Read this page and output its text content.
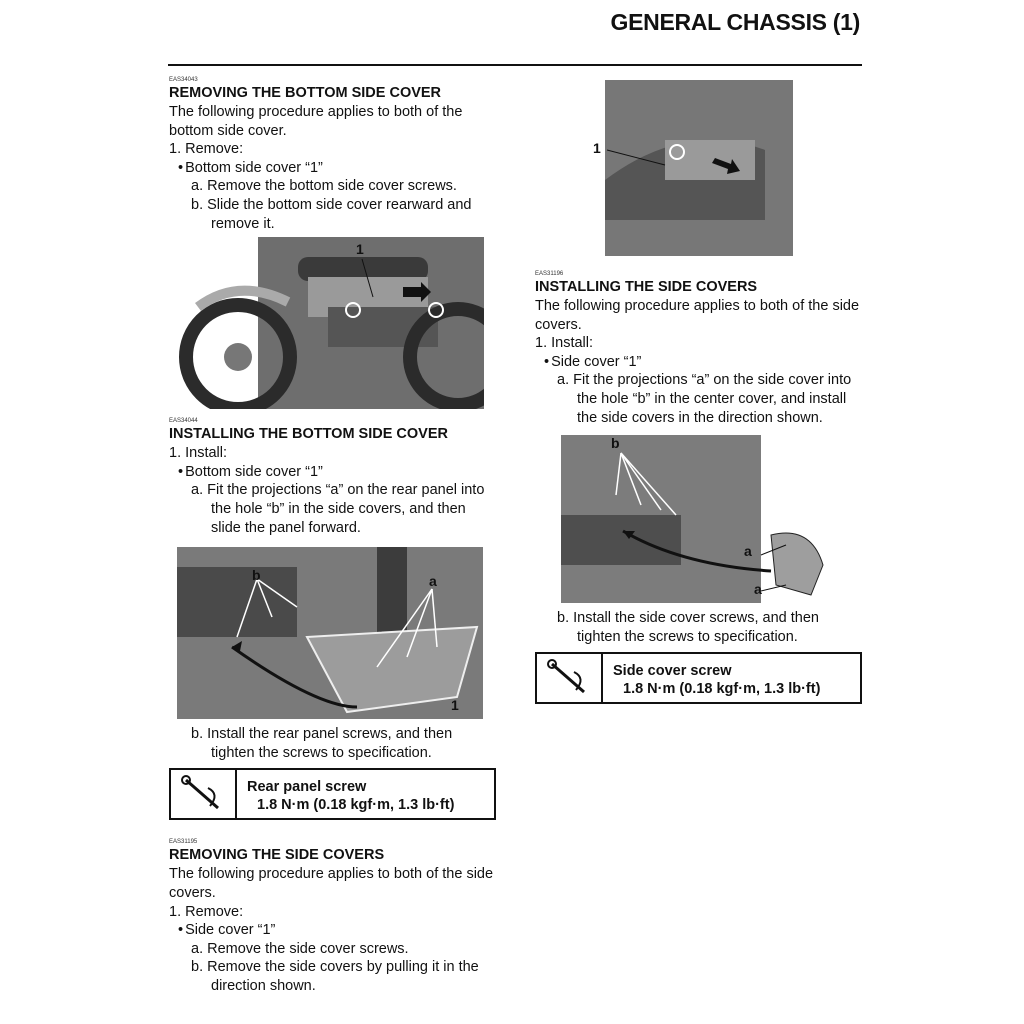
GENERAL CHASSIS (1)

EAS34043

REMOVING THE BOTTOM SIDE COVER

The following procedure applies to both of the bottom side cover.

1. Remove:

• Bottom side cover “1”

a. Remove the bottom side cover screws.

b. Slide the bottom side cover rearward and remove it.

1

EAS34044

INSTALLING THE BOTTOM SIDE COVER

1. Install:

• Bottom side cover “1”

a. Fit the projections “a” on the rear panel into the hole “b” in the side covers, and then slide the panel forward.

b	a
1

b. Install the rear panel screws, and then tighten the screws to specification.

Rear panel screw
1.8 N·m (0.18 kgf·m, 1.3 lb·ft)

EAS31195

REMOVING THE SIDE COVERS

The following procedure applies to both of the side covers.

1. Remove:

• Side cover “1”

a. Remove the side cover screws.

b. Remove the side covers by pulling it in the direction shown.

1

EAS31196

INSTALLING THE SIDE COVERS

The following procedure applies to both of the side covers.

1. Install:

• Side cover “1”

a. Fit the projections “a” on the side cover into the hole “b” in the center cover, and install the side covers in the direction shown.

b
a
a

b. Install the side cover screws, and then tighten the screws to specification.

Side cover screw
1.8 N·m (0.18 kgf·m, 1.3 lb·ft)
